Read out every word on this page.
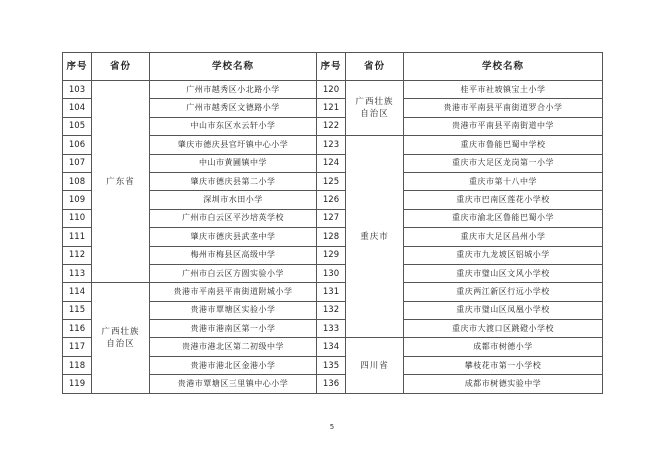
序号	省份	学校名称	序号	省份	学校名称
103	广东省	广州市越秀区小北路小学	120	广西壮族自治区	桂平市社坡镇宝土小学
104		广州市越秀区文德路小学	121		贵港市平南县平南街道罗合小学
105		中山市东区水云轩小学	122		贵港市平南县平南街道中学
106		肇庆市德庆县官圩镇中心小学	123	重庆市	重庆市鲁能巴蜀中学校
107		中山市黄圃镇中学	124		重庆市大足区龙岗第一小学
108		肇庆市德庆县第二小学	125		重庆市第十八中学
109		深圳市水田小学	126		重庆市巴南区莲花小学校
110		广州市白云区平沙培英学校	127		重庆市渝北区鲁能巴蜀小学
111		肇庆市德庆县武垄中学	128		重庆市大足区昌州小学
112		梅州市梅县区高级中学	129		重庆市九龙坡区铝城小学
113		广州市白云区方圆实验小学	130		重庆市璧山区文风小学校
114	广西壮族自治区	贵港市平南县平南街道附城小学	131		重庆两江新区行远小学校
115		贵港市覃塘区实验小学	132		重庆市璧山区凤凰小学校
116		贵港市港南区第一小学	133		重庆市大渡口区跳磴小学校
117		贵港市港北区第二初级中学	134	四川省	成都市树德小学
118		贵港市港北区金港小学	135		攀枝花市第一小学校
119		贵港市覃塘区三里镇中心小学	136		成都市树德实验中学
5
